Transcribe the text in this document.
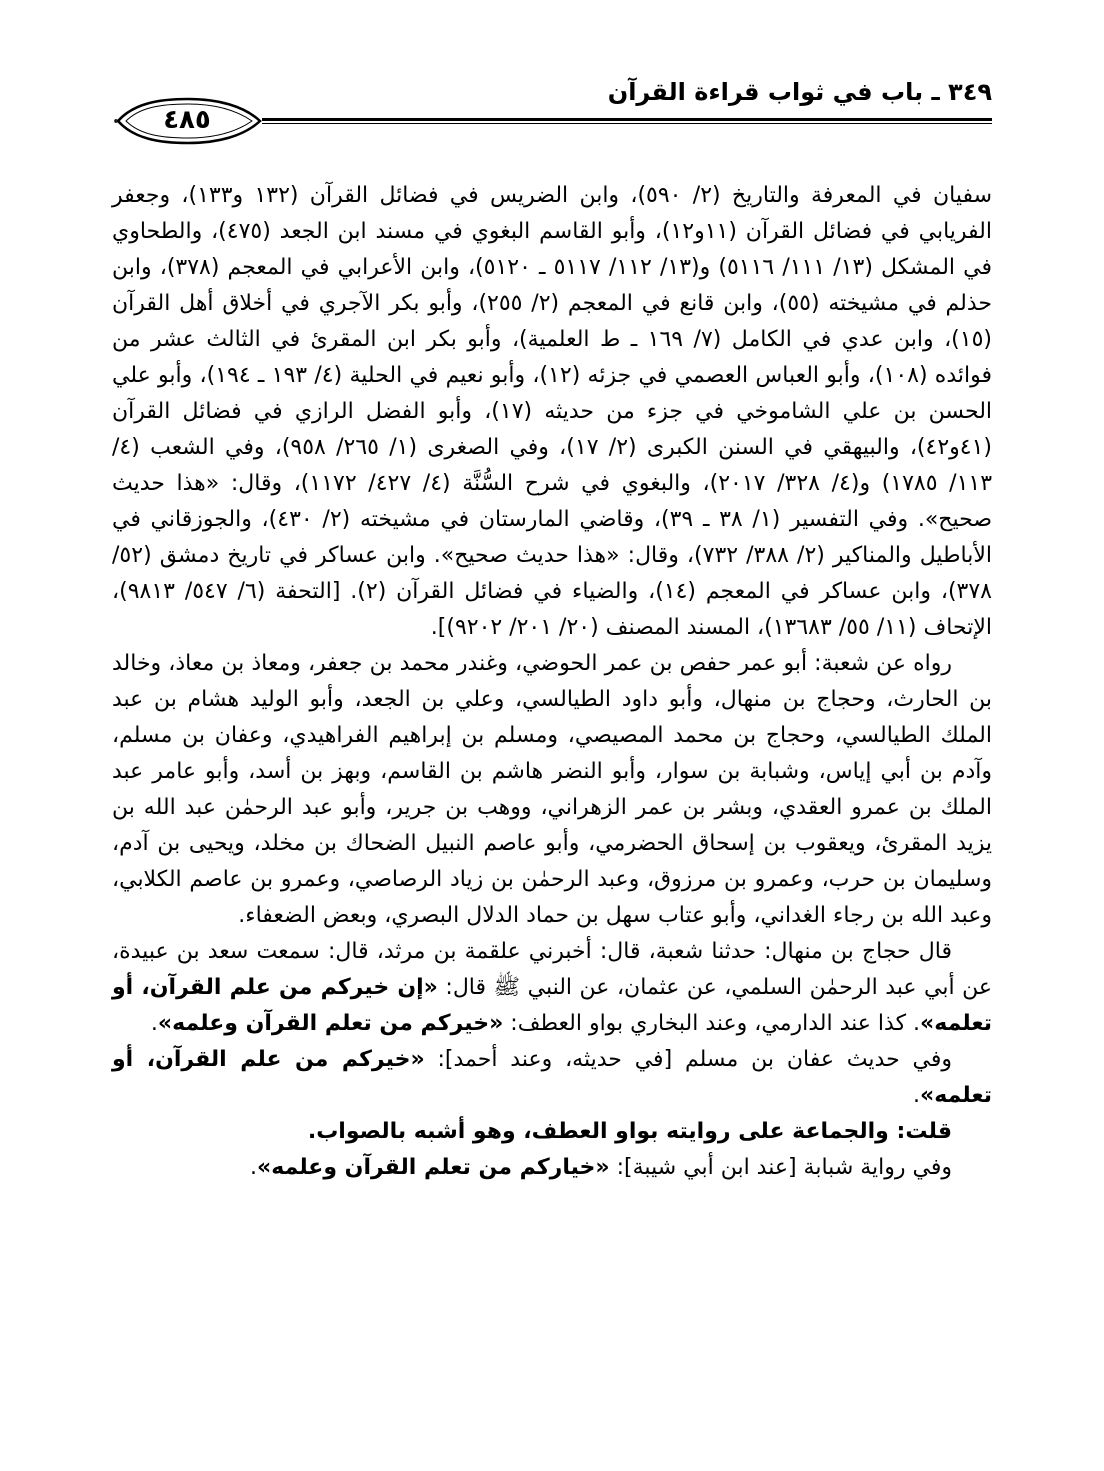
٣٤٩ ـ باب في ثواب قراءة القرآن
٤٨٥

سفيان في المعرفة والتاريخ (٢/ ٥٩٠)، وابن الضريس في فضائل القرآن (١٣٢ و١٣٣)، وجعفر الفريابي في فضائل القرآن (١١و١٢)، وأبو القاسم البغوي في مسند ابن الجعد (٤٧٥)، والطحاوي في المشكل (١٣/ ١١١/ ٥١١٦) و(١٣/ ١١٢/ ٥١١٧ ـ ٥١٢٠)، وابن الأعرابي في المعجم (٣٧٨)، وابن حذلم في مشيخته (٥٥)، وابن قانع في المعجم (٢/ ٢٥٥)، وأبو بكر الآجري في أخلاق أهل القرآن (١٥)، وابن عدي في الكامل (٧/ ١٦٩ ـ ط العلمية)، وأبو بكر ابن المقرئ في الثالث عشر من فوائده (١٠٨)، وأبو العباس العصمي في جزئه (١٢)، وأبو نعيم في الحلية (٤/ ١٩٣ ـ ١٩٤)، وأبو علي الحسن بن علي الشاموخي في جزء من حديثه (١٧)، وأبو الفضل الرازي في فضائل القرآن (٤١و٤٢)، والبيهقي في السنن الكبرى (٢/ ١٧)، وفي الصغرى (١/ ٢٦٥/ ٩٥٨)، وفي الشعب (٤/ ١١٣/ ١٧٨٥) و(٤/ ٣٢٨/ ٢٠١٧)، والبغوي في شرح السُّنَّة (٤/ ٤٢٧/ ١١٧٢)، وقال: «هذا حديث صحيح». وفي التفسير (١/ ٣٨ ـ ٣٩)، وقاضي المارستان في مشيخته (٢/ ٤٣٠)، والجوزقاني في الأباطيل والمناكير (٢/ ٣٨٨/ ٧٣٢)، وقال: «هذا حديث صحيح». وابن عساكر في تاريخ دمشق (٥٢/ ٣٧٨)، وابن عساكر في المعجم (١٤)، والضياء في فضائل القرآن (٢). [التحفة (٦/ ٥٤٧/ ٩٨١٣)، الإتحاف (١١/ ٥٥/ ١٣٦٨٣)، المسند المصنف (٢٠/ ٢٠١/ ٩٢٠٢)].

رواه عن شعبة: أبو عمر حفص بن عمر الحوضي، وغندر محمد بن جعفر، ومعاذ بن معاذ، وخالد بن الحارث، وحجاج بن منهال، وأبو داود الطيالسي، وعلي بن الجعد، وأبو الوليد هشام بن عبد الملك الطيالسي، وحجاج بن محمد المصيصي، ومسلم بن إبراهيم الفراهيدي، وعفان بن مسلم، وآدم بن أبي إياس، وشبابة بن سوار، وأبو النضر هاشم بن القاسم، وبهز بن أسد، وأبو عامر عبد الملك بن عمرو العقدي، وبشر بن عمر الزهراني، ووهب بن جرير، وأبو عبد الرحمٰن عبد الله بن يزيد المقرئ، ويعقوب بن إسحاق الحضرمي، وأبو عاصم النبيل الضحاك بن مخلد، ويحيى بن آدم، وسليمان بن حرب، وعمرو بن مرزوق، وعبد الرحمٰن بن زياد الرصاصي، وعمرو بن عاصم الكلابي، وعبد الله بن رجاء الغداني، وأبو عتاب سهل بن حماد الدلال البصري، وبعض الضعفاء.

قال حجاج بن منهال: حدثنا شعبة، قال: أخبرني علقمة بن مرثد، قال: سمعت سعد بن عبيدة، عن أبي عبد الرحمٰن السلمي، عن عثمان، عن النبي ﷺ قال: «إن خيركم من علم القرآن، أو تعلمه». كذا عند الدارمي، وعند البخاري بواو العطف: «خيركم من تعلم القرآن وعلمه».

وفي حديث عفان بن مسلم [في حديثه، وعند أحمد]: «خيركم من علم القرآن، أو تعلمه».

قلت: والجماعة على روايته بواو العطف، وهو أشبه بالصواب.

وفي رواية شبابة [عند ابن أبي شيبة]: «خياركم من تعلم القرآن وعلمه».
